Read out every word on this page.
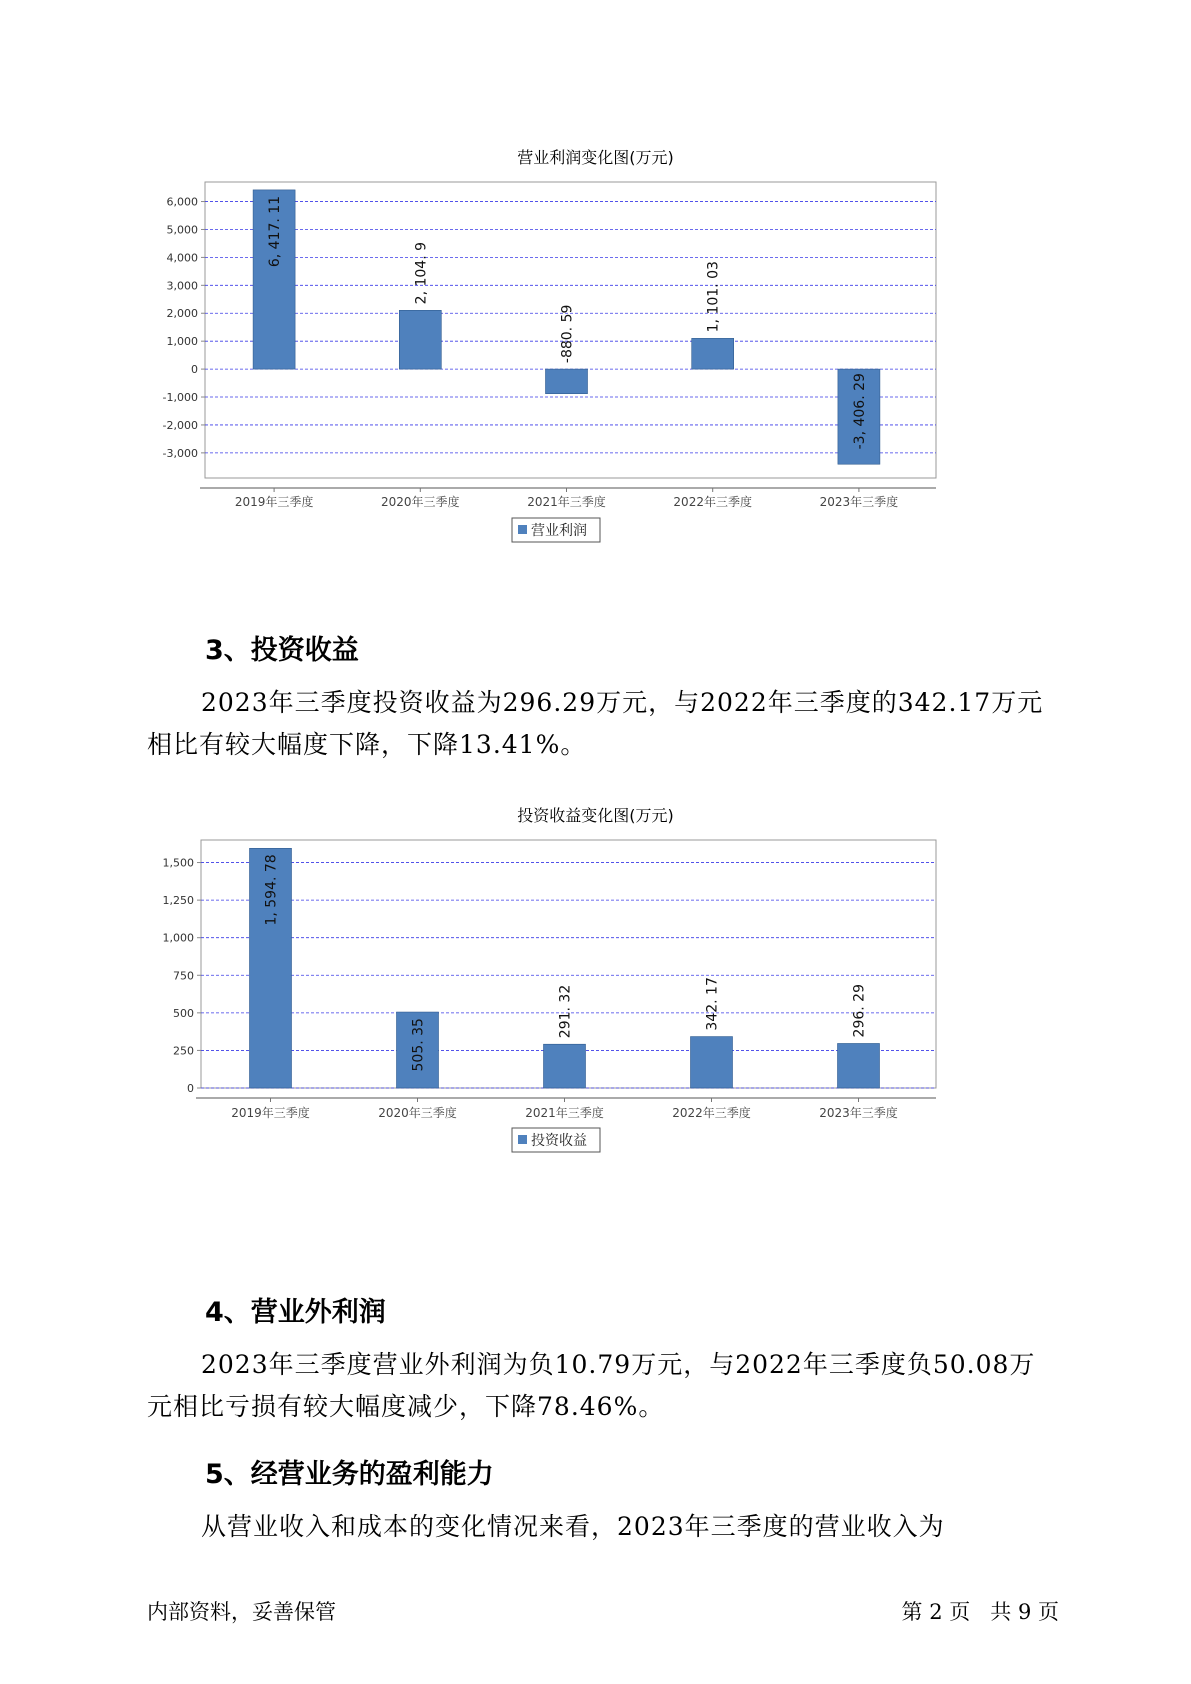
营业利润变化图(万元)
6,000
5,000
4,000
3,000
2,000
1,000
0
-1,000
-2,000
-3,000
2019年三季度
6, 417. 11
2020年三季度
2, 104. 9
2021年三季度
-880. 59
2022年三季度
1, 101. 03
2023年三季度
-3, 406. 29
营业利润
3、投资收益
2023年三季度投资收益为296.29万元，与2022年三季度的342.17万元
相比有较大幅度下降，下降13.41%。
投资收益变化图(万元)
1,500
1,250
1,000
750
500
250
0
2019年三季度
1, 594. 78
2020年三季度
505. 35
2021年三季度
291. 32
2022年三季度
342. 17
2023年三季度
296. 29
投资收益
4、营业外利润
2023年三季度营业外利润为负10.79万元，与2022年三季度负50.08万
元相比亏损有较大幅度减少，下降78.46%。
5、经营业务的盈利能力
从营业收入和成本的变化情况来看，2023年三季度的营业收入为
内部资料，妥善保管	第 2 页   共 9 页
